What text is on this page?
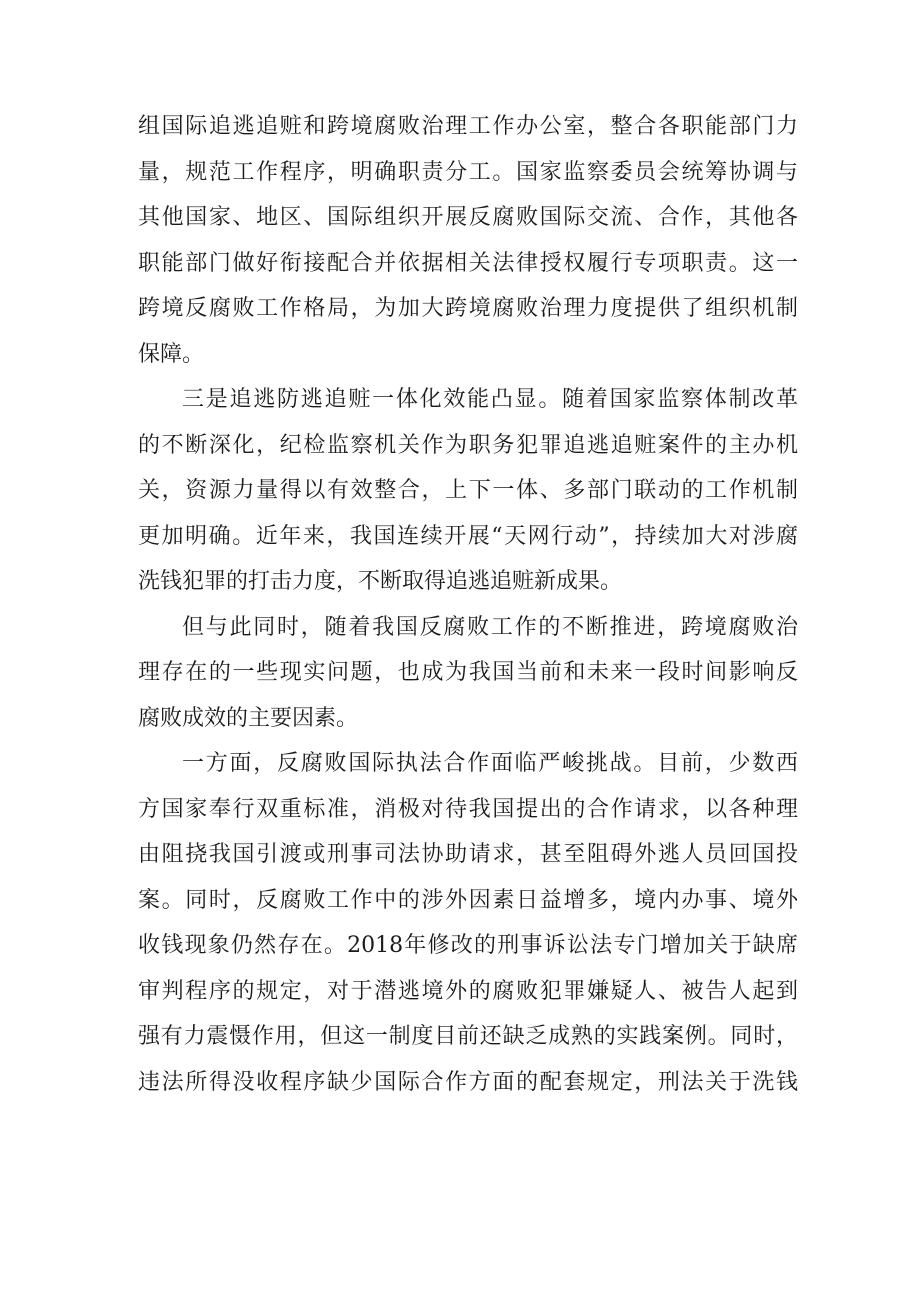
组国际追逃追赃和跨境腐败治理工作办公室，整合各职能部门力
量，规范工作程序，明确职责分工。国家监察委员会统筹协调与
其他国家、地区、国际组织开展反腐败国际交流、合作，其他各
职能部门做好衔接配合并依据相关法律授权履行专项职责。这一
跨境反腐败工作格局，为加大跨境腐败治理力度提供了组织机制
保障。
三是追逃防逃追赃一体化效能凸显。随着国家监察体制改革
的不断深化，纪检监察机关作为职务犯罪追逃追赃案件的主办机
关，资源力量得以有效整合，上下一体、多部门联动的工作机制
更加明确。近年来，我国连续开展“天网行动”，持续加大对涉腐
洗钱犯罪的打击力度，不断取得追逃追赃新成果。
但与此同时，随着我国反腐败工作的不断推进，跨境腐败治
理存在的一些现实问题，也成为我国当前和未来一段时间影响反
腐败成效的主要因素。
一方面，反腐败国际执法合作面临严峻挑战。目前，少数西
方国家奉行双重标准，消极对待我国提出的合作请求，以各种理
由阻挠我国引渡或刑事司法协助请求，甚至阻碍外逃人员回国投
案。同时，反腐败工作中的涉外因素日益增多，境内办事、境外
收钱现象仍然存在。2018年修改的刑事诉讼法专门增加关于缺席
审判程序的规定，对于潜逃境外的腐败犯罪嫌疑人、被告人起到
强有力震慑作用，但这一制度目前还缺乏成熟的实践案例。同时，
违法所得没收程序缺少国际合作方面的配套规定，刑法关于洗钱
